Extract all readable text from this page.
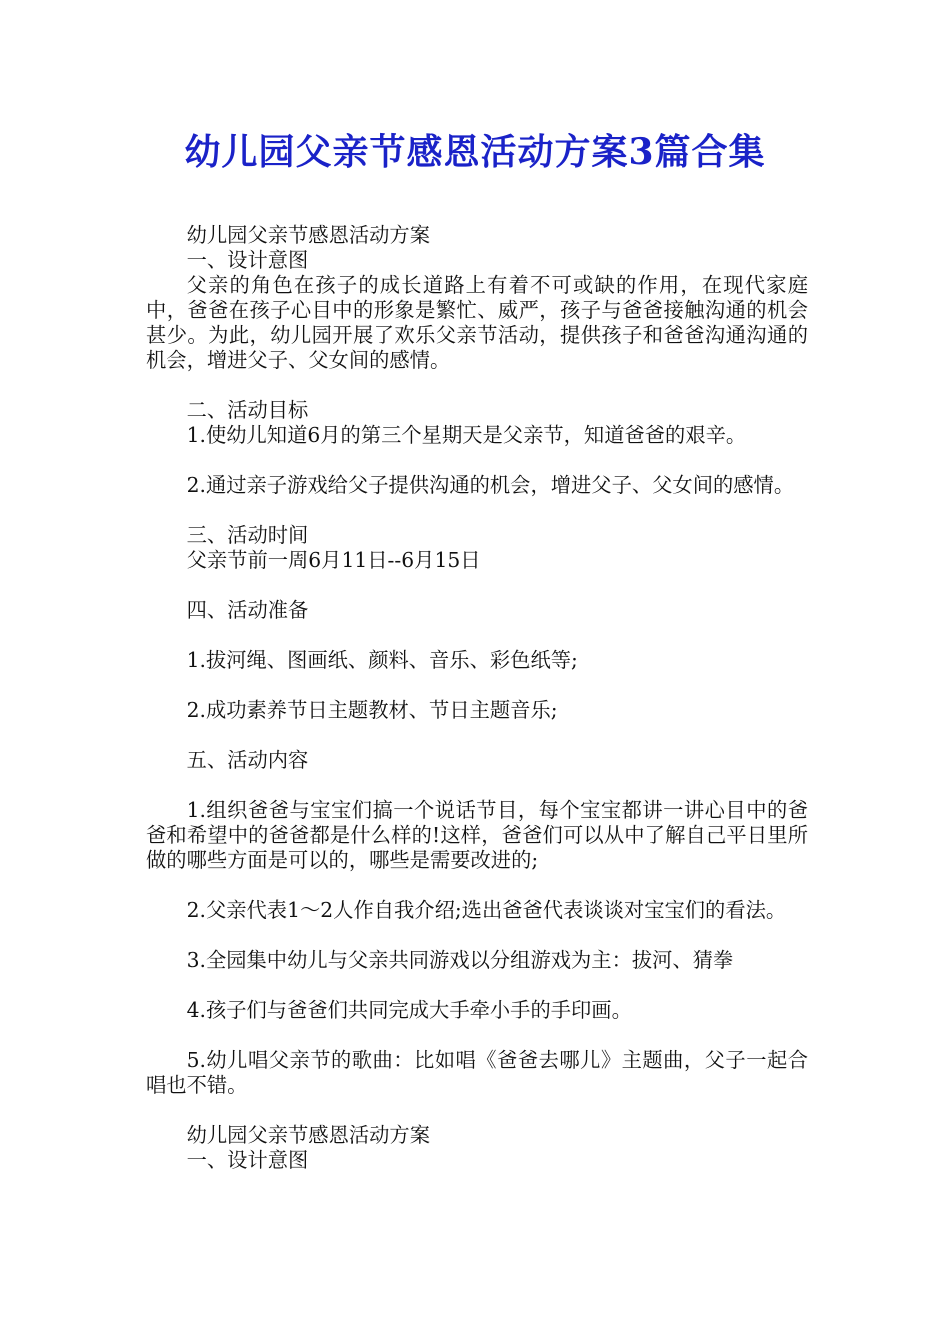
幼儿园父亲节感恩活动方案3篇合集

幼儿园父亲节感恩活动方案

一、设计意图

父亲的角色在孩子的成长道路上有着不可或缺的作用，在现代家庭中，爸爸在孩子心目中的形象是繁忙、威严，孩子与爸爸接触沟通的机会甚少。为此，幼儿园开展了欢乐父亲节活动，提供孩子和爸爸沟通沟通的机会，增进父子、父女间的感情。

二、活动目标

1.使幼儿知道6月的第三个星期天是父亲节，知道爸爸的艰辛。

2.通过亲子游戏给父子提供沟通的机会，增进父子、父女间的感情。

三、活动时间

父亲节前一周6月11日--6月15日

四、活动准备

1.拔河绳、图画纸、颜料、音乐、彩色纸等;

2.成功素养节日主题教材、节日主题音乐;

五、活动内容

1.组织爸爸与宝宝们搞一个说话节目，每个宝宝都讲一讲心目中的爸爸和希望中的爸爸都是什么样的!这样，爸爸们可以从中了解自己平日里所做的哪些方面是可以的，哪些是需要改进的;

2.父亲代表1～2人作自我介绍;选出爸爸代表谈谈对宝宝们的看法。

3.全园集中幼儿与父亲共同游戏以分组游戏为主：拔河、猜拳

4.孩子们与爸爸们共同完成大手牵小手的手印画。

5.幼儿唱父亲节的歌曲：比如唱《爸爸去哪儿》主题曲，父子一起合唱也不错。

幼儿园父亲节感恩活动方案

一、设计意图
